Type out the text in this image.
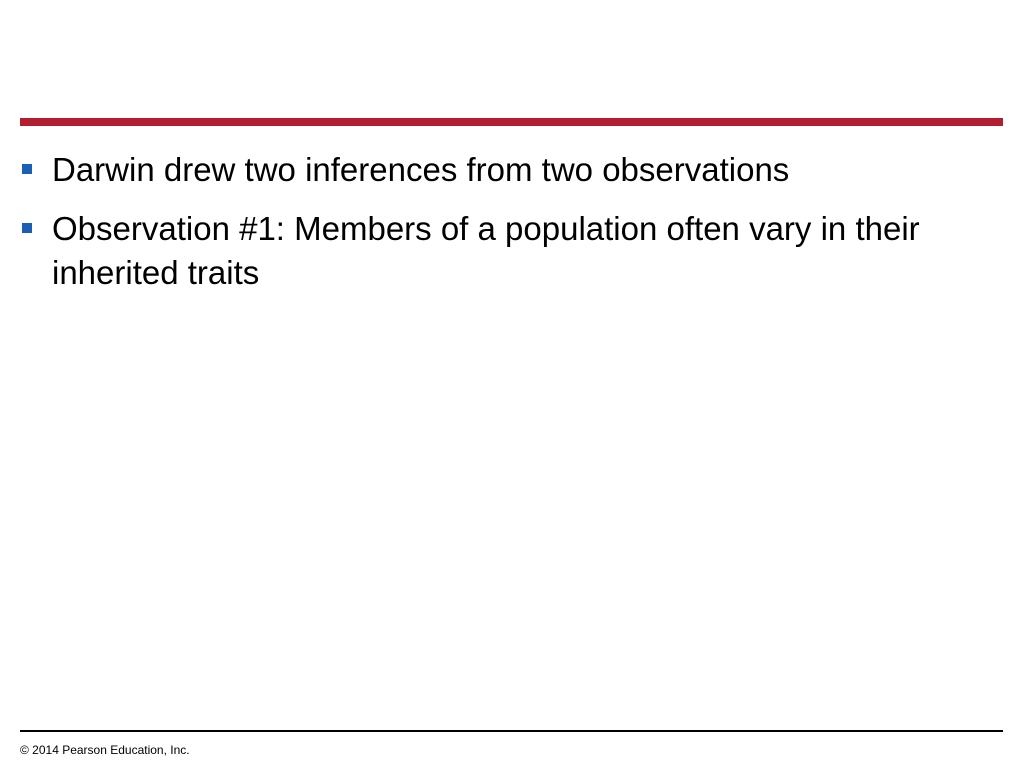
Darwin drew two inferences from two observations
Observation #1: Members of a population often vary in their inherited traits
© 2014 Pearson Education, Inc.
